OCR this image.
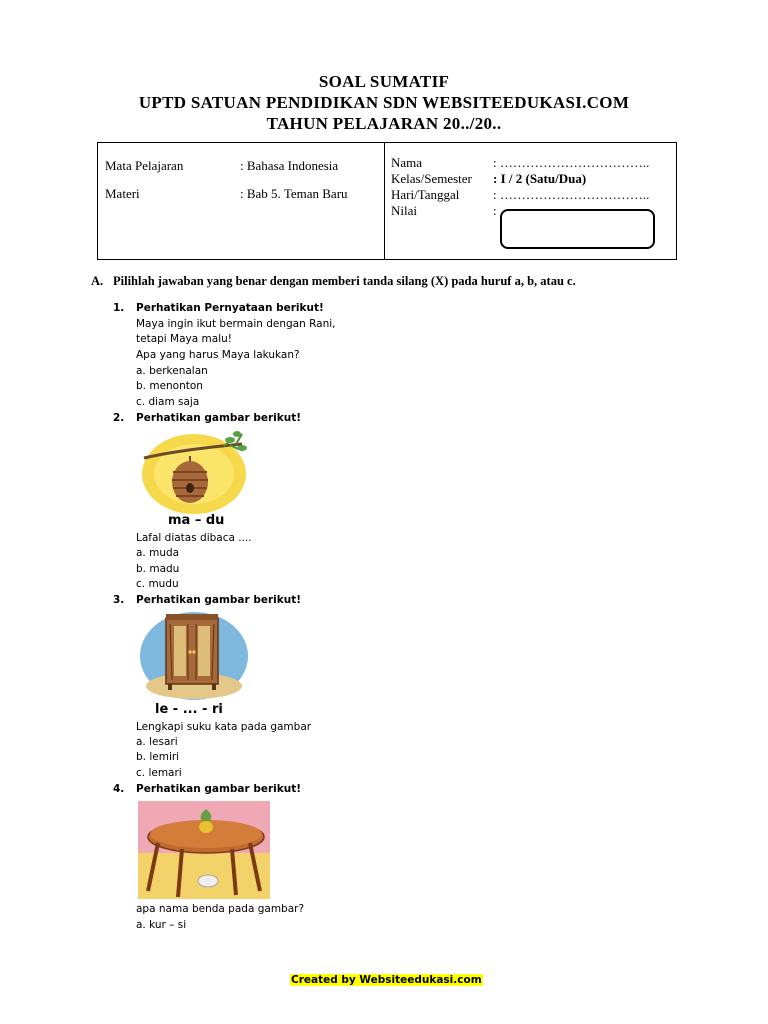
SOAL SUMATIF
UPTD SATUAN PENDIDIKAN SDN WEBSITEEDUKASI.COM
TAHUN PELAJARAN 20../20..
Mata Pelajaran	: Bahasa Indonesia
Materi	: Bab 5. Teman Baru
Nama	: ……………………………..
Kelas/Semester : I / 2 (Satu/Dua)
Hari/Tanggal	: ……………………………..
Nilai	:
A. Pilihlah jawaban yang benar dengan memberi tanda silang (X) pada huruf a, b, atau c.
1. Perhatikan Pernyataan berikut!
Maya ingin ikut bermain dengan Rani,
tetapi Maya malu!
Apa yang harus Maya lakukan?
a. berkenalan
b. menonton
c. diam saja
2. Perhatikan gambar berikut!
ma – du
Lafal diatas dibaca ....
a. muda
b. madu
c. mudu
3. Perhatikan gambar berikut!
le - ... - ri
Lengkapi suku kata pada gambar
a. lesari
b. lemiri
c. lemari
4. Perhatikan gambar berikut!
apa nama benda pada gambar?
a. kur – si
Created by Websiteedukasi.com
